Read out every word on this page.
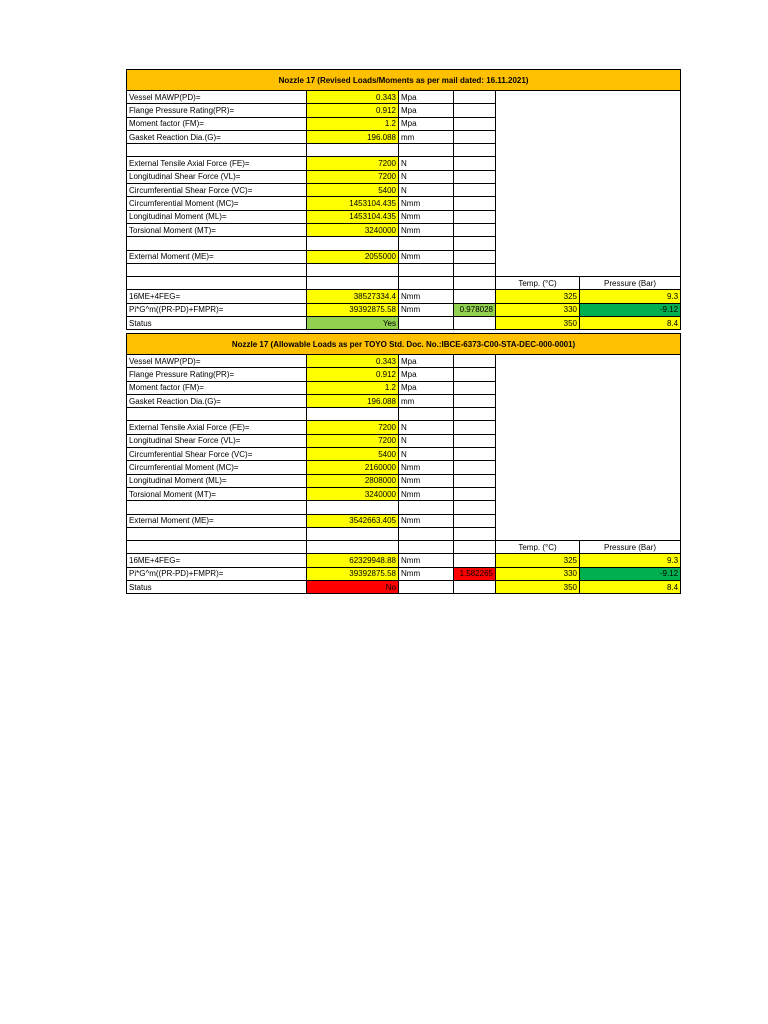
Nozzle 17 (Revised Loads/Moments as per mail dated: 16.11.2021)					
Vessel MAWP(PD)=	0.343	Mpa			
Flange Pressure Rating(PR)=	0.912	Mpa			
Moment factor (FM)=	1.2	Mpa			
Gasket Reaction Dia.(G)=	196.088	mm			

External Tensile Axial Force (FE)=	7200	N			
Longitudinal Shear Force (VL)=	7200	N			
Circumferential Shear Force (VC)=	5400	N			
Circumferential Moment (MC)=	1453104.435	Nmm			
Longitudinal Moment (ML)=	1453104.435	Nmm			
Torsional Moment (MT)=	3240000	Nmm			

External Moment (ME)=	2055000	Nmm			

				Temp. (°C)	Pressure (Bar)
16ME+4FEG=	38527334.4	Nmm		325	9.3
Pi*G^m((PR-PD)+FMPR)=	39392875.58	Nmm	0.978028	330	-9.12
Status	Yes			350	8.4
Nozzle 17 (Allowable Loads as per TOYO Std. Doc. No.:IBCE-6373-C00-STA-DEC-000-0001)					
Vessel MAWP(PD)=	0.343	Mpa			
Flange Pressure Rating(PR)=	0.912	Mpa			
Moment factor (FM)=	1.2	Mpa			
Gasket Reaction Dia.(G)=	196.088	mm			

External Tensile Axial Force (FE)=	7200	N			
Longitudinal Shear Force (VL)=	7200	N			
Circumferential Shear Force (VC)=	5400	N			
Circumferential Moment (MC)=	2160000	Nmm			
Longitudinal Moment (ML)=	2808000	Nmm			
Torsional Moment (MT)=	3240000	Nmm			

External Moment (ME)=	3542663.405	Nmm			

				Temp. (°C)	Pressure (Bar)
16ME+4FEG=	62329948.88	Nmm		325	9.3
Pi*G^m((PR-PD)+FMPR)=	39392875.58	Nmm	1.582265	330	-9.12
Status	No			350	8.4
